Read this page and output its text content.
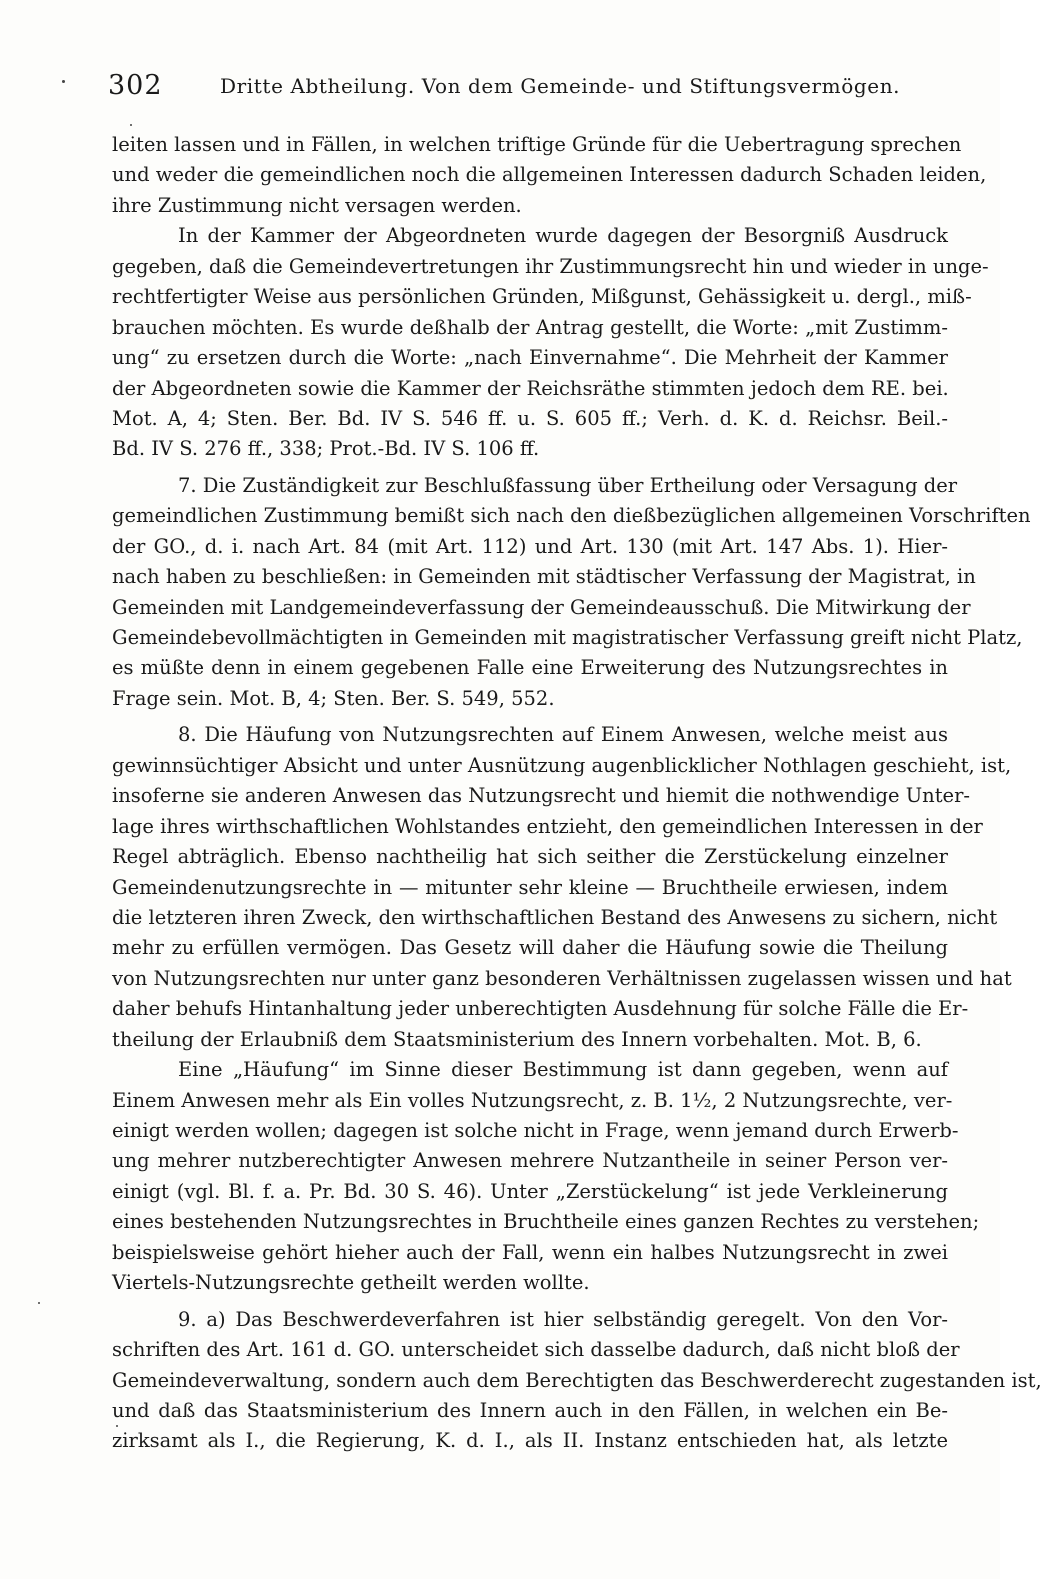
302	Dritte Abtheilung. Von dem Gemeinde- und Stiftungsvermögen.
leiten lassen und in Fällen, in welchen triftige Gründe für die Uebertragung sprechen
und weder die gemeindlichen noch die allgemeinen Interessen dadurch Schaden leiden,
ihre Zustimmung nicht versagen werden.
In der Kammer der Abgeordneten wurde dagegen der Besorgniß Ausdruck
gegeben, daß die Gemeindevertretungen ihr Zustimmungsrecht hin und wieder in unge-
rechtfertigter Weise aus persönlichen Gründen, Mißgunst, Gehässigkeit u. dergl., miß-
brauchen möchten. Es wurde deßhalb der Antrag gestellt, die Worte: „mit Zustimm-
ung“ zu ersetzen durch die Worte: „nach Einvernahme“. Die Mehrheit der Kammer
der Abgeordneten sowie die Kammer der Reichsräthe stimmten jedoch dem RE. bei.
Mot. A, 4; Sten. Ber. Bd. IV S. 546 ff. u. S. 605 ff.; Verh. d. K. d. Reichsr. Beil.-
Bd. IV S. 276 ff., 338; Prot.-Bd. IV S. 106 ff.
7. Die Zuständigkeit zur Beschlußfassung über Ertheilung oder Versagung der
gemeindlichen Zustimmung bemißt sich nach den dießbezüglichen allgemeinen Vorschriften
der GO., d. i. nach Art. 84 (mit Art. 112) und Art. 130 (mit Art. 147 Abs. 1). Hier-
nach haben zu beschließen: in Gemeinden mit städtischer Verfassung der Magistrat, in
Gemeinden mit Landgemeindeverfassung der Gemeindeausschuß. Die Mitwirkung der
Gemeindebevollmächtigten in Gemeinden mit magistratischer Verfassung greift nicht Platz,
es müßte denn in einem gegebenen Falle eine Erweiterung des Nutzungsrechtes in
Frage sein. Mot. B, 4; Sten. Ber. S. 549, 552.
8. Die Häufung von Nutzungsrechten auf Einem Anwesen, welche meist aus
gewinnsüchtiger Absicht und unter Ausnützung augenblicklicher Nothlagen geschieht, ist,
insoferne sie anderen Anwesen das Nutzungsrecht und hiemit die nothwendige Unter-
lage ihres wirthschaftlichen Wohlstandes entzieht, den gemeindlichen Interessen in der
Regel abträglich. Ebenso nachtheilig hat sich seither die Zerstückelung einzelner
Gemeindenutzungsrechte in — mitunter sehr kleine — Bruchtheile erwiesen, indem
die letzteren ihren Zweck, den wirthschaftlichen Bestand des Anwesens zu sichern, nicht
mehr zu erfüllen vermögen. Das Gesetz will daher die Häufung sowie die Theilung
von Nutzungsrechten nur unter ganz besonderen Verhältnissen zugelassen wissen und hat
daher behufs Hintanhaltung jeder unberechtigten Ausdehnung für solche Fälle die Er-
theilung der Erlaubniß dem Staatsministerium des Innern vorbehalten. Mot. B, 6.
Eine „Häufung“ im Sinne dieser Bestimmung ist dann gegeben, wenn auf
Einem Anwesen mehr als Ein volles Nutzungsrecht, z. B. 1½, 2 Nutzungsrechte, ver-
einigt werden wollen; dagegen ist solche nicht in Frage, wenn jemand durch Erwerb-
ung mehrer nutzberechtigter Anwesen mehrere Nutzantheile in seiner Person ver-
einigt (vgl. Bl. f. a. Pr. Bd. 30 S. 46). Unter „Zerstückelung“ ist jede Verkleinerung
eines bestehenden Nutzungsrechtes in Bruchtheile eines ganzen Rechtes zu verstehen;
beispielsweise gehört hieher auch der Fall, wenn ein halbes Nutzungsrecht in zwei
Viertels-Nutzungsrechte getheilt werden wollte.
9. a) Das Beschwerdeverfahren ist hier selbständig geregelt. Von den Vor-
schriften des Art. 161 d. GO. unterscheidet sich dasselbe dadurch, daß nicht bloß der
Gemeindeverwaltung, sondern auch dem Berechtigten das Beschwerderecht zugestanden ist,
und daß das Staatsministerium des Innern auch in den Fällen, in welchen ein Be-
zirksamt als I., die Regierung, K. d. I., als II. Instanz entschieden hat, als letzte
